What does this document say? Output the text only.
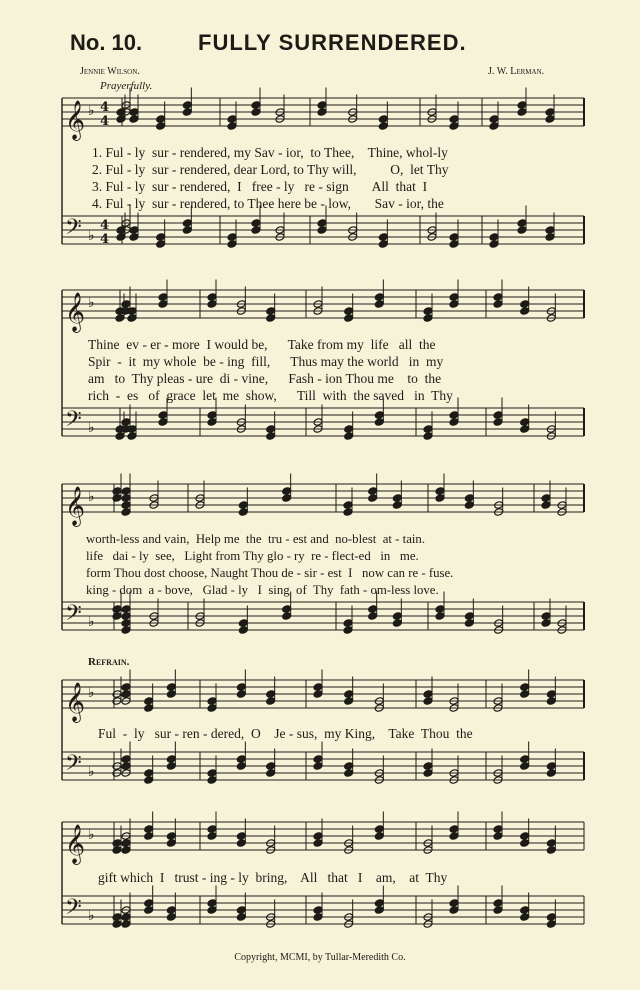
No. 10.	FULLY SURRENDERED.
Jennie Wilson.	J. W. Lerman.
Prayerfully.
1. Ful - ly  sur - rendered, my Sav - ior,  to Thee,    Thine, whol-ly
2. Ful - ly  sur - rendered, dear Lord, to Thy will,          O,  let Thy
3. Ful - ly  sur - rendered,  I   free - ly   re - sign       All  that  I
4. Ful - ly  sur - rendered, to Thee here be - low,       Sav - ior, the
Thine  ev - er - more  I would be,      Take from my  life   all  the
Spir  -  it  my whole  be - ing  fill,      Thus may the world   in  my
am   to  Thy pleas - ure  di - vine,      Fash - ion Thou me    to  the
rich  -  es   of  grace  let  me  show,      Till  with  the saved   in  Thy
worth-less and vain,  Help me  the  tru - est and  no-blest  at - tain.
life   dai - ly  see,   Light from Thy glo - ry  re - flect-ed   in   me.
form Thou dost choose, Naught Thou de - sir - est  I   now can re - fuse.
king - dom  a - bove,   Glad - ly   I  sing  of  Thy  fath - om-less love.
Refrain.
Ful  -  ly   sur - ren - dered,  O    Je - sus,  my King,    Take  Thou  the
gift which  I   trust - ing - ly  bring,    All   that   I    am,    at  Thy
Copyright, MCMI, by Tullar-Meredith Co.
𝄞 ♭ 4
4
𝄢 ♭
4
4
𝄞 ♭
𝄢 ♭
𝄞 ♭
𝄢 ♭
𝄞 ♭
𝄢 ♭
𝄞 ♭
𝄢 ♭
